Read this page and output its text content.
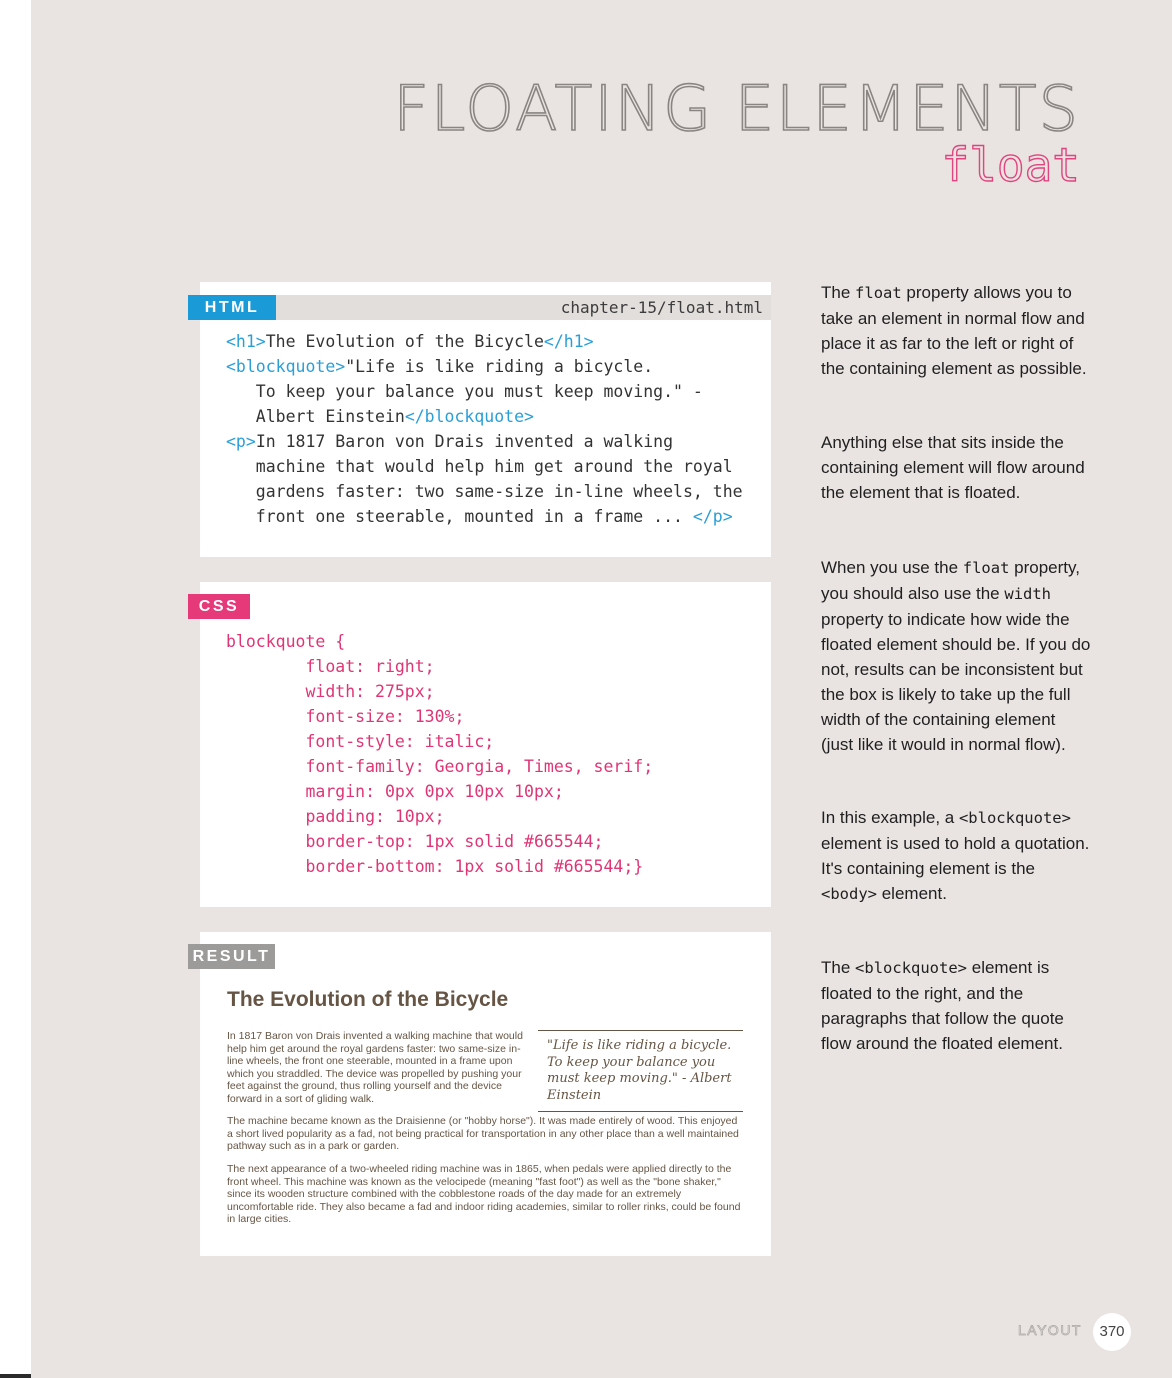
FLOATING ELEMENTS
float
HTML	chapter-15/float.html
<h1>The Evolution of the Bicycle</h1>
<blockquote>"Life is like riding a bicycle.
To keep your balance you must keep moving." -
Albert Einstein</blockquote>
<p>In 1817 Baron von Drais invented a walking
machine that would help him get around the royal
gardens faster: two same-size in-line wheels, the
front one steerable, mounted in a frame ... </p>
CSS
blockquote {
float: right;
width: 275px;
font-size: 130%;
font-style: italic;
font-family: Georgia, Times, serif;
margin: 0px 0px 10px 10px;
padding: 10px;
border-top: 1px solid #665544;
border-bottom: 1px solid #665544;}
RESULT
The Evolution of the Bicycle
"Life is like riding a bicycle. To keep your balance you must keep moving." - Albert Einstein
In 1817 Baron von Drais invented a walking machine that would help him get around the royal gardens faster: two same-size in-line wheels, the front one steerable, mounted in a frame upon which you straddled. The device was propelled by pushing your feet against the ground, thus rolling yourself and the device forward in a sort of gliding walk.
The machine became known as the Draisienne (or "hobby horse"). It was made entirely of wood. This enjoyed a short lived popularity as a fad, not being practical for transportation in any other place than a well maintained pathway such as in a park or garden.
The next appearance of a two-wheeled riding machine was in 1865, when pedals were applied directly to the front wheel. This machine was known as the velocipede (meaning "fast foot") as well as the "bone shaker," since its wooden structure combined with the cobblestone roads of the day made for an extremely uncomfortable ride. They also became a fad and indoor riding academies, similar to roller rinks, could be found in large cities.
The float property allows you to take an element in normal flow and place it as far to the left or right of the containing element as possible.
Anything else that sits inside the containing element will flow around the element that is floated.
When you use the float property, you should also use the width property to indicate how wide the floated element should be. If you do not, results can be inconsistent but the box is likely to take up the full width of the containing element (just like it would in normal flow).
In this example, a <blockquote> element is used to hold a quotation. It's containing element is the <body> element.
The <blockquote> element is floated to the right, and the paragraphs that follow the quote flow around the floated element.
LAYOUT	370
